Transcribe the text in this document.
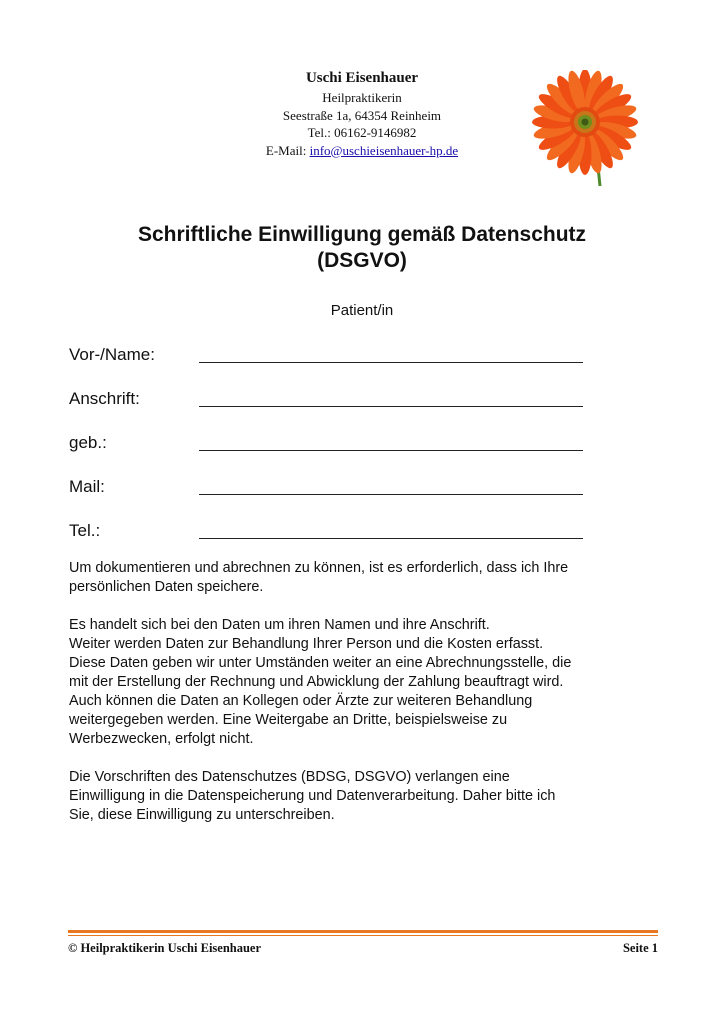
Uschi Eisenhauer
Heilpraktikerin
Seestraße 1a, 64354 Reinheim
Tel.: 06162-9146982
E-Mail: info@uschieisenhauer-hp.de
Schriftliche Einwilligung gemäß Datenschutz
(DSGVO)
Patient/in
Vor-/Name:
Anschrift:
geb.:
Mail:
Tel.:

Um dokumentieren und abrechnen zu können, ist es erforderlich, dass ich Ihre
persönlichen Daten speichere.

Es handelt sich bei den Daten um ihren Namen und ihre Anschrift.
Weiter werden Daten zur Behandlung Ihrer Person und die Kosten erfasst.
Diese Daten geben wir unter Umständen weiter an eine Abrechnungsstelle, die
mit der Erstellung der Rechnung und Abwicklung der Zahlung beauftragt wird.
Auch können die Daten an Kollegen oder Ärzte zur weiteren Behandlung
weitergegeben werden. Eine Weitergabe an Dritte, beispielsweise zu
Werbezwecken, erfolgt nicht.

Die Vorschriften des Datenschutzes (BDSG, DSGVO) verlangen eine
Einwilligung in die Datenspeicherung und Datenverarbeitung. Daher bitte ich
Sie, diese Einwilligung zu unterschreiben.

© Heilpraktikerin Uschi Eisenhauer	Seite 1
